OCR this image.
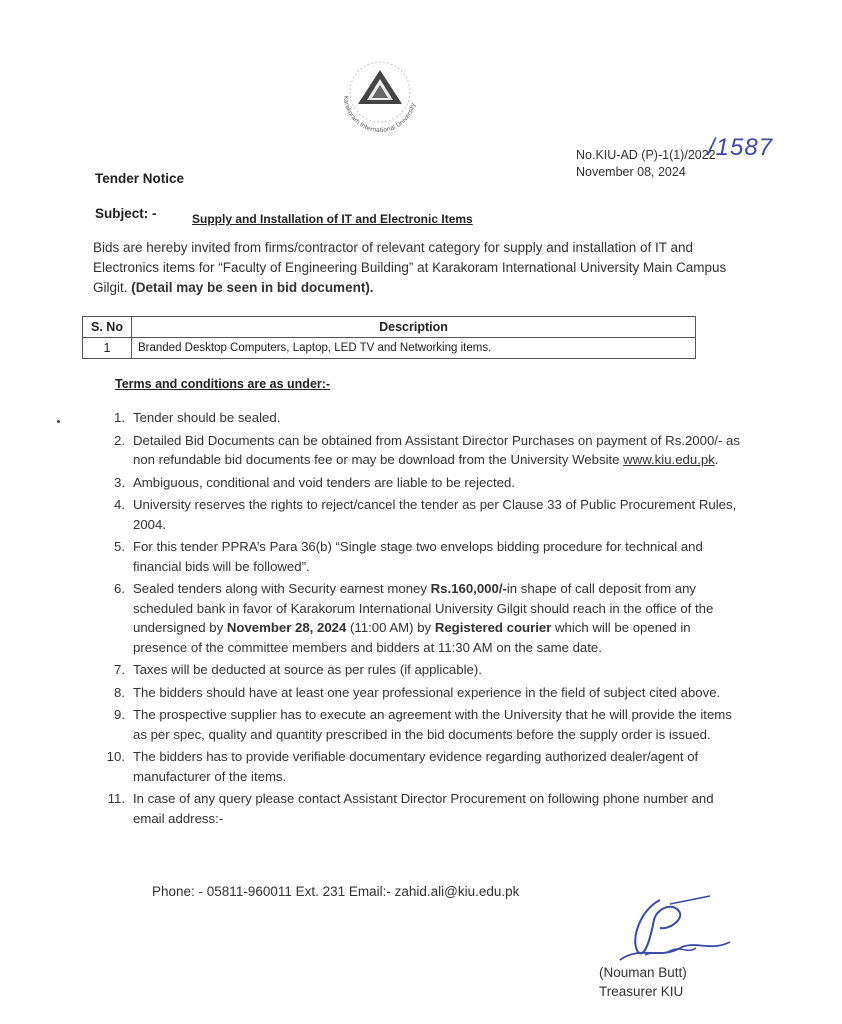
Karakoram International University
No.KIU-AD (P)-1(1)/2022
November 08, 2024
/1587
Tender Notice
Subject: -	Supply and Installation of IT and Electronic Items
Bids are hereby invited from firms/contractor of relevant category for supply and installation of IT and Electronics items for “Faculty of Engineering Building” at Karakoram International University Main Campus Gilgit. (Detail may be seen in bid document).
S. No	Description
1	Branded Desktop Computers, Laptop, LED TV and Networking items.
Terms and conditions are as under:-
1. Tender should be sealed.
2. Detailed Bid Documents can be obtained from Assistant Director Purchases on payment of Rs.2000/- as non refundable bid documents fee or may be download from the University Website www.kiu.edu.pk.
3. Ambiguous, conditional and void tenders are liable to be rejected.
4. University reserves the rights to reject/cancel the tender as per Clause 33 of Public Procurement Rules, 2004.
5. For this tender PPRA’s Para 36(b) “Single stage two envelops bidding procedure for technical and financial bids will be followed”.
6. Sealed tenders along with Security earnest money Rs.160,000/-in shape of call deposit from any scheduled bank in favor of Karakorum International University Gilgit should reach in the office of the undersigned by November 28, 2024 (11:00 AM) by Registered courier which will be opened in presence of the committee members and bidders at 11:30 AM on the same date.
7. Taxes will be deducted at source as per rules (if applicable).
8. The bidders should have at least one year professional experience in the field of subject cited above.
9. The prospective supplier has to execute an agreement with the University that he will provide the items as per spec, quality and quantity prescribed in the bid documents before the supply order is issued.
10. The bidders has to provide verifiable documentary evidence regarding authorized dealer/agent of manufacturer of the items.
11. In case of any query please contact Assistant Director Procurement on following phone number and email address:-
Phone: - 05811-960011 Ext. 231 Email:- zahid.ali@kiu.edu.pk
(Nouman Butt)
Treasurer KIU
